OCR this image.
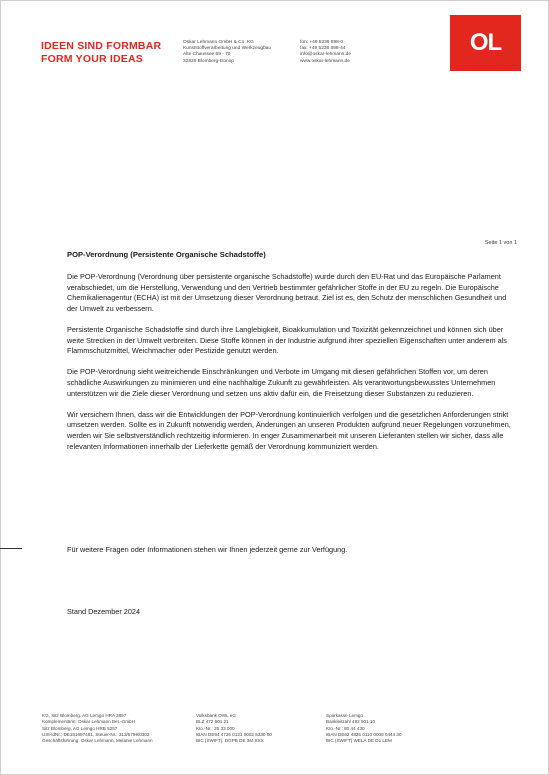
IDEEN SIND FORMBAR
FORM YOUR IDEAS
Oskar Lehmann GmbH & Co. KG
Kunststoffverarbeitung und Werkzeugbau
Alte Chaussee 69 - 70
32825 Blomberg-Donop
fon: +49 5236 898-0
fax: +49 5236 898-44
info@oskar-lehmann.de
www.oskar-lehmann.de
OL
Seite 1 von 1
POP-Verordnung (Persistente Organische Schadstoffe)

Die POP-Verordnung (Verordnung über persistente organische Schadstoffe) wurde durch den EU-Rat und das Europäische Parlament verabschiedet, um die Herstellung, Verwendung und den Vertrieb bestimmter gefährlicher Stoffe in der EU zu regeln. Die Europäische Chemikalienagentur (ECHA) ist mit der Umsetzung dieser Verordnung betraut. Ziel ist es, den Schutz der menschlichen Gesundheit und der Umwelt zu verbessern.

Persistente Organische Schadstoffe sind durch ihre Langlebigkeit, Bioakkumulation und Toxizität gekennzeichnet und können sich über weite Strecken in der Umwelt verbreiten. Diese Stoffe können in der Industrie aufgrund ihrer speziellen Eigenschaften unter anderem als Flammschutzmittel, Weichmacher oder Pestizide genutzt werden.

Die POP-Verordnung sieht weitreichende Einschränkungen und Verbote im Umgang mit diesen gefährlichen Stoffen vor, um deren schädliche Auswirkungen zu minimieren und eine nachhaltige Zukunft zu gewährleisten. Als verantwortungsbewusstes Unternehmen unterstützen wir die Ziele dieser Verordnung und setzen uns aktiv dafür ein, die Freisetzung dieser Substanzen zu reduzieren.

Wir versichern Ihnen, dass wir die Entwicklungen der POP-Verordnung kontinuierlich verfolgen und die gesetzlichen Anforderungen strikt umsetzen werden. Sollte es in Zukunft notwendig werden, Änderungen an unseren Produkten aufgrund neuer Regelungen vorzunehmen, werden wir Sie selbstverständlich rechtzeitig informieren. In enger Zusammenarbeit mit unseren Lieferanten stellen wir sicher, dass alle relevanten Informationen innerhalb der Lieferkette gemäß der Verordnung kommuniziert werden.

Für weitere Fragen oder Informationen stehen wir Ihnen jederzeit gerne zur Verfügung.
Stand Dezember 2024
KG, Sitz Blomberg, AG Lemgo HRA 3897
Komplementärin: Oskar Lehmann Bet.-GmbH
Sitz Blomberg, AG Lemgo HRB 5257
USt-IdNr.: DE151697491, Steuer-Nr.: 313/5799/0302
Geschäftsführung: Oskar Lehmann, Melanie Lehmann
Volksbank OWL eG
BLZ 472 601 21
Kto.-Nr.: 25 33 000
IBAN DE94 4726 0121 0002 5330 00
BIC (SWIFT): DGPB DE 3M XXX
Sparkasse Lemgo
Bankleitzahl 482 501 10
Kto.-Nr.: 80 44 430
IBAN DE62 4825 0110 0008 0444 30
BIC (SWIFT) WELA DE D1 LEM
